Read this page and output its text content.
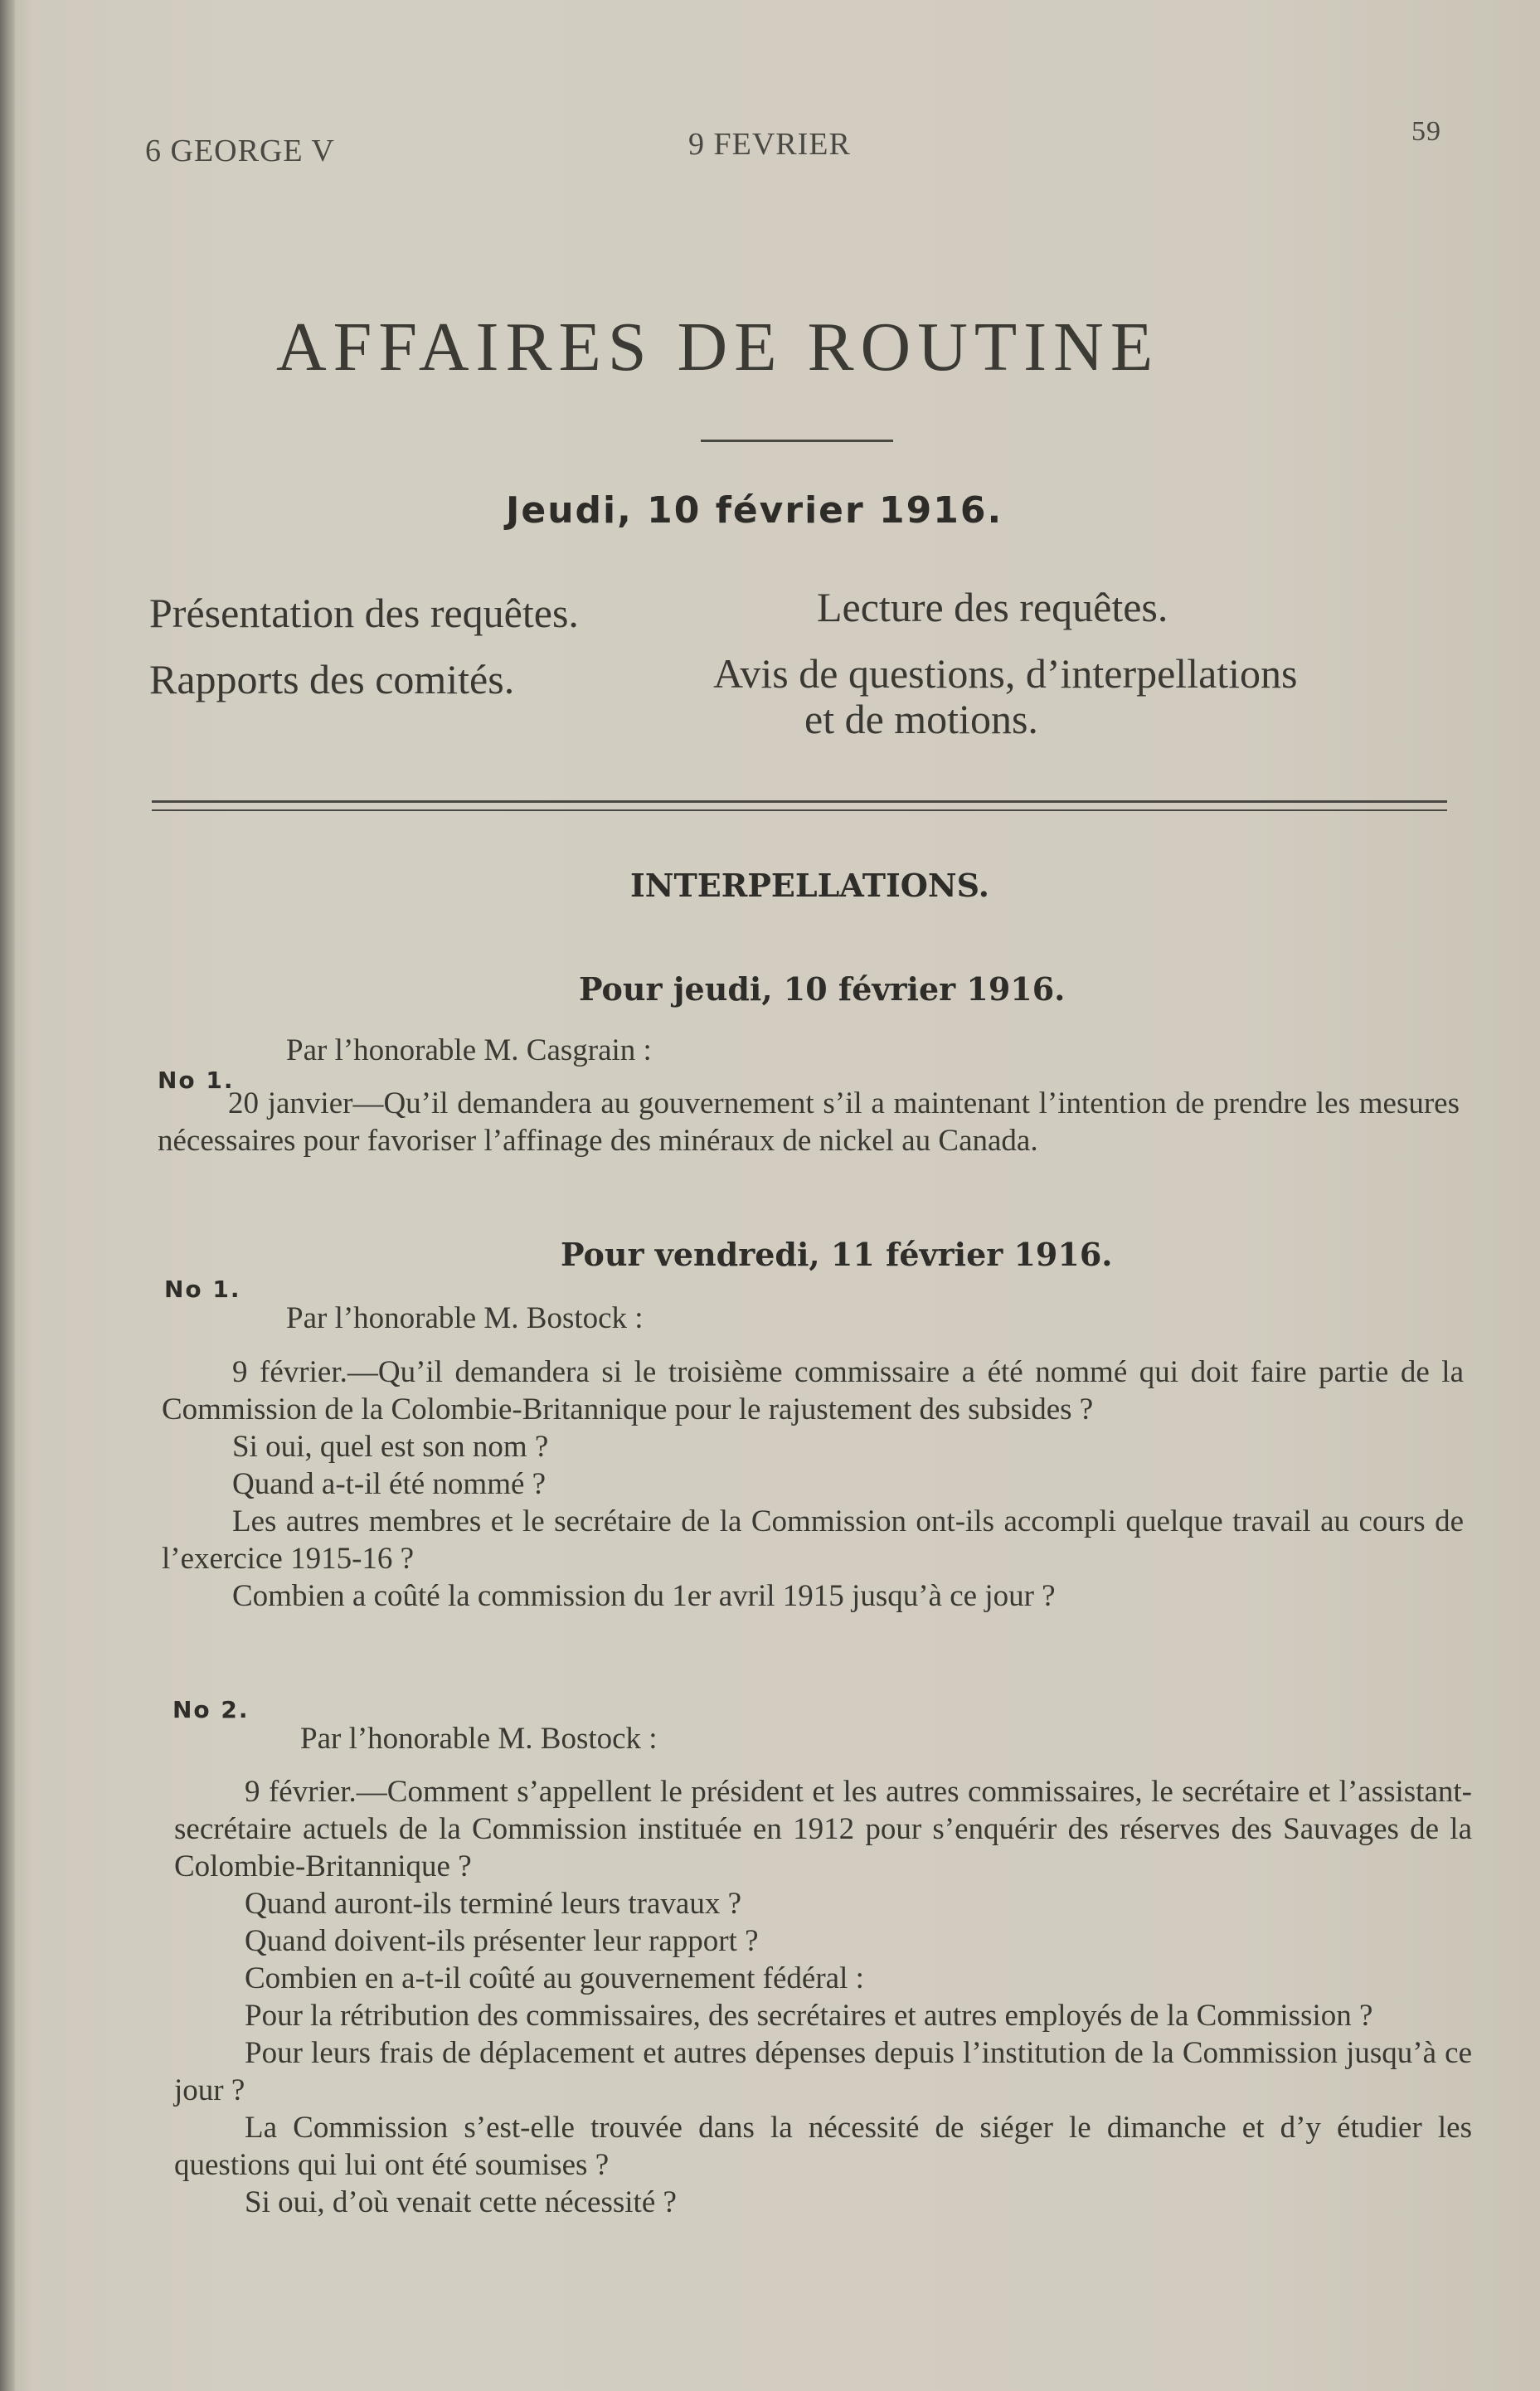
6 GEORGE V	9 FEVRIER	59
AFFAIRES DE ROUTINE
Jeudi, 10 février 1916.
Présentation des requêtes.
Rapports des comités.
Lecture des requêtes.
Avis de questions, d’interpellations
et de motions.
INTERPELLATIONS.
Pour jeudi, 10 février 1916.
Par l’honorable M. Casgrain :
No 1.

20 janvier—Qu’il demandera au gouvernement s’il a maintenant l’intention de prendre les mesures nécessaires pour favoriser l’affinage des minéraux de nickel au Canada.

Pour vendredi, 11 février 1916.
No 1.
Par l’honorable M. Bostock :

9 février.—Qu’il demandera si le troisième commissaire a été nommé qui doit faire partie de la Commission de la Colombie-Britannique pour le rajustement des subsides ?

Si oui, quel est son nom ?

Quand a-t-il été nommé ?

Les autres membres et le secrétaire de la Commission ont-ils accompli quelque travail au cours de l’exercice 1915-16 ?

Combien a coûté la commission du 1er avril 1915 jusqu’à ce jour ?

No 2.
Par l’honorable M. Bostock :

9 février.—Comment s’appellent le président et les autres commissaires, le secrétaire et l’assistant-secrétaire actuels de la Commission instituée en 1912 pour s’enquérir des réserves des Sauvages de la Colombie-Britannique ?

Quand auront-ils terminé leurs travaux ?

Quand doivent-ils présenter leur rapport ?

Combien en a-t-il coûté au gouvernement fédéral :

Pour la rétribution des commissaires, des secrétaires et autres employés de la Commission ?

Pour leurs frais de déplacement et autres dépenses depuis l’institution de la Commission jusqu’à ce jour ?

La Commission s’est-elle trouvée dans la nécessité de siéger le dimanche et d’y étudier les questions qui lui ont été soumises ?

Si oui, d’où venait cette nécessité ?
